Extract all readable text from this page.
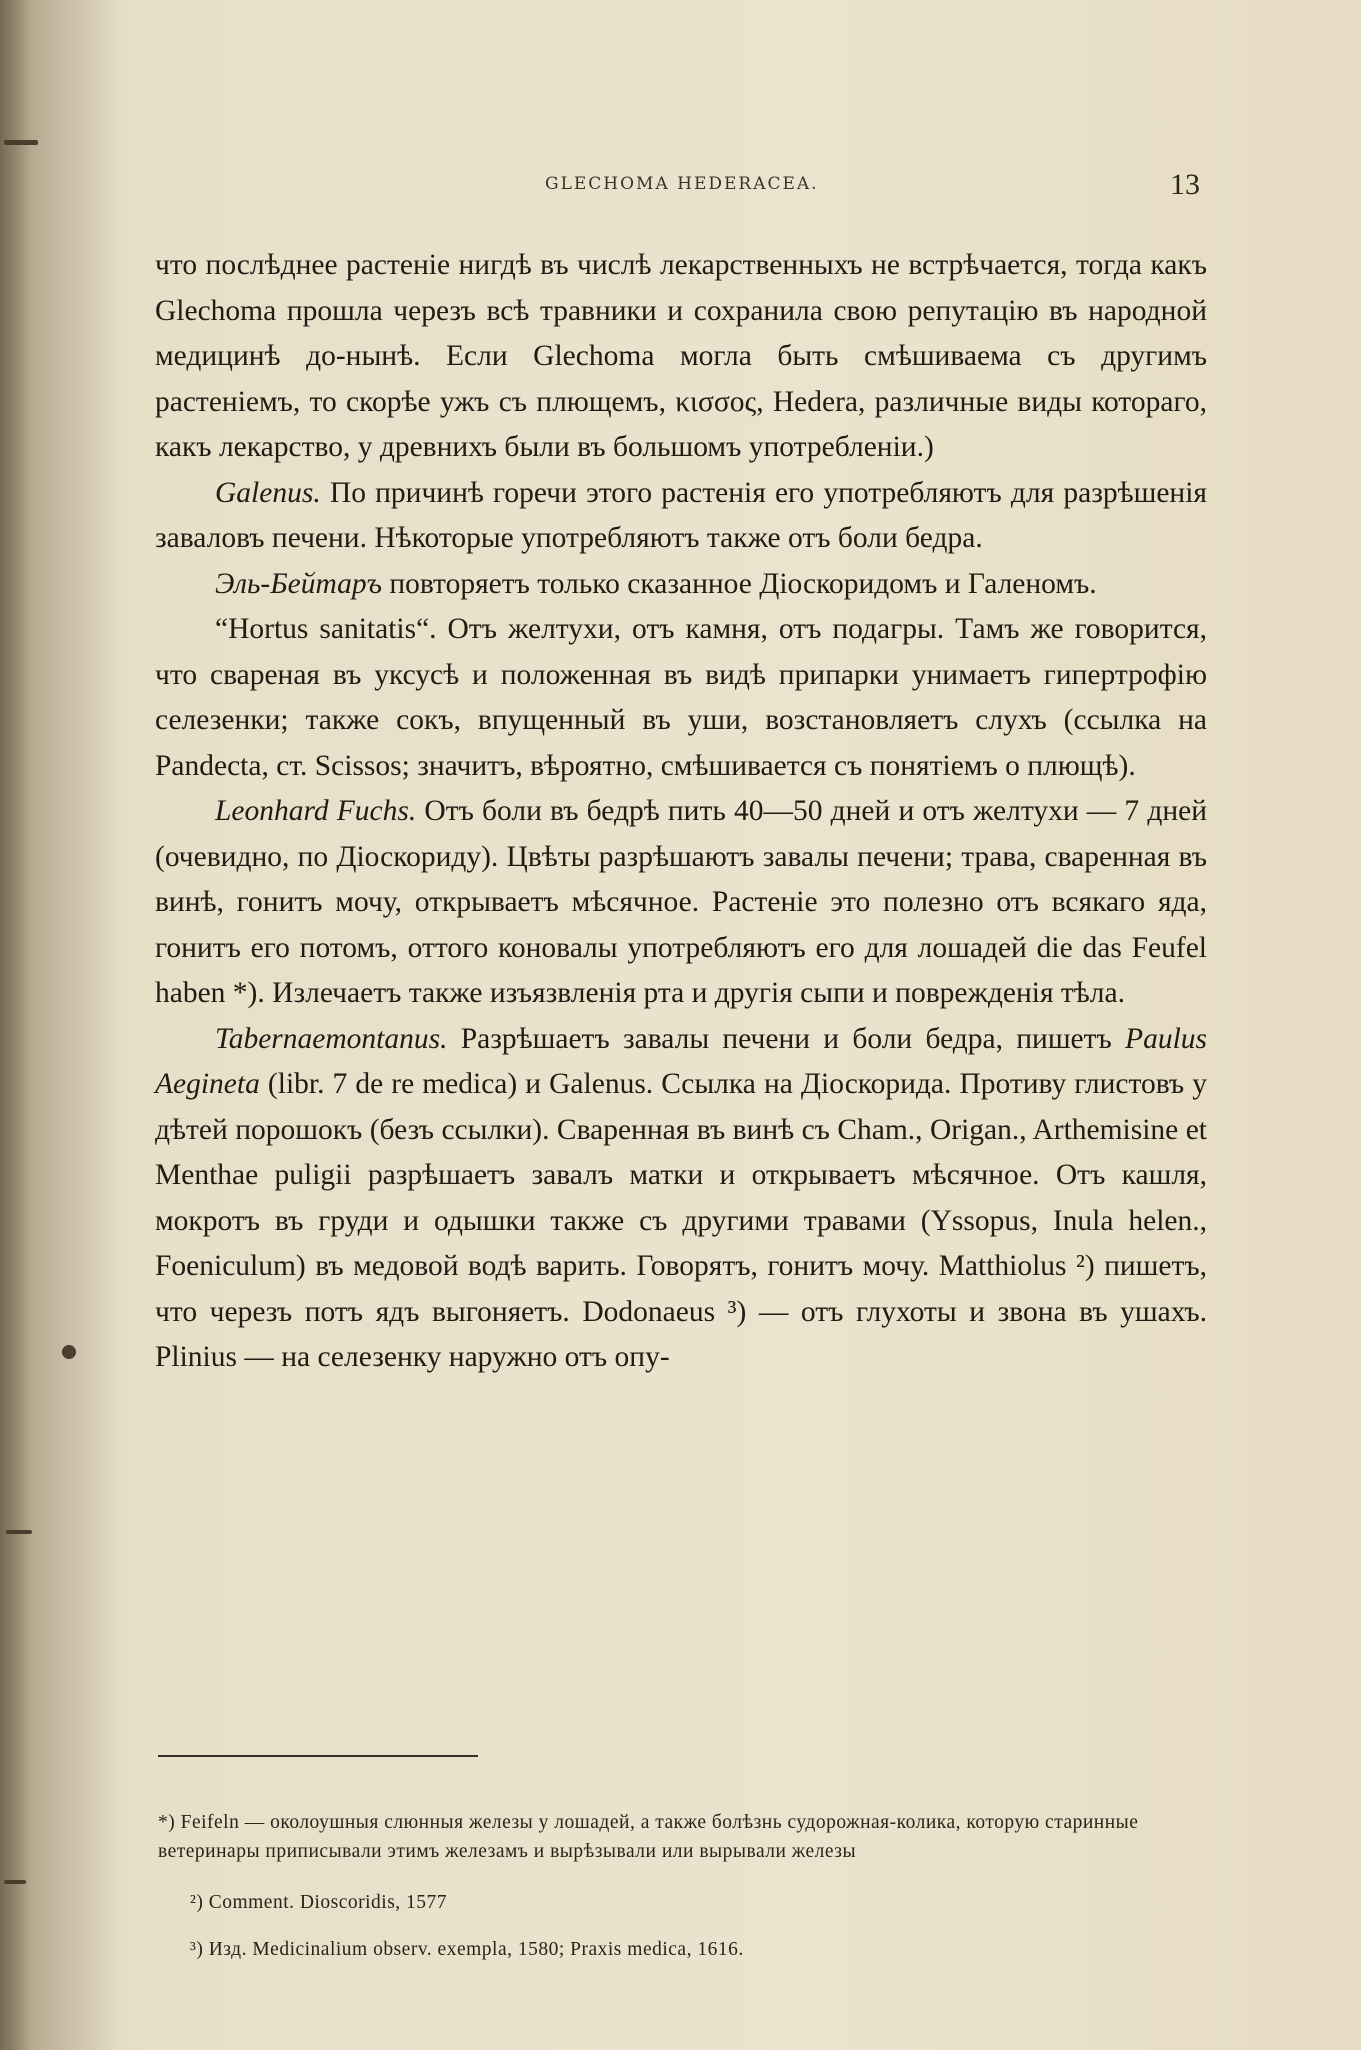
GLECHOMA HEDERACEA.	13

что послѣднее растеніе нигдѣ въ числѣ лекарственныхъ не встрѣчается, тогда какъ Glechoma прошла черезъ всѣ травники и сохранила свою репутацію въ народной медицинѣ до-нынѣ. Если Glechoma могла быть смѣшиваема съ другимъ растеніемъ, то скорѣе ужъ съ плющемъ, κισσος, Hedera, различные виды котораго, какъ лекарство, у древнихъ были въ большомъ употребленіи.)

Galenus. По причинѣ горечи этого растенія его употребляютъ для разрѣшенія заваловъ печени. Нѣкоторые употребляютъ также отъ боли бедра.

Эль-Бейтаръ повторяетъ только сказанное Діоскоридомъ и Галеномъ.

“Hortus sanitatis“. Отъ желтухи, отъ камня, отъ подагры. Тамъ же говорится, что свареная въ уксусѣ и положенная въ видѣ припарки унимаетъ гипертрофію селезенки; также сокъ, впущенный въ уши, возстановляетъ слухъ (ссылка на Pandecta, ст. Scissos; значитъ, вѣроятно, смѣшивается съ понятіемъ о плющѣ).

Leonhard Fuchs. Отъ боли въ бедрѣ пить 40—50 дней и отъ желтухи — 7 дней (очевидно, по Діоскориду). Цвѣты разрѣшаютъ завалы печени; трава, сваренная въ винѣ, гонитъ мочу, открываетъ мѣсячное. Растеніе это полезно отъ всякаго яда, гонитъ его потомъ, оттого коновалы употребляютъ его для лошадей die das Feufel haben *). Излечаетъ также изъязвленія рта и другія сыпи и поврежденія тѣла.

Tabernaemontanus. Разрѣшаетъ завалы печени и боли бедра, пишетъ Paulus Aegineta (libr. 7 de re medica) и Galenus. Ссылка на Діоскорида. Противу глистовъ у дѣтей порошокъ (безъ ссылки). Сваренная въ винѣ съ Cham., Origan., Arthemisine et Menthae puligii разрѣшаетъ завалъ матки и открываетъ мѣсячное. Отъ кашля, мокротъ въ груди и одышки также съ другими травами (Yssopus, Inula helen., Foeniculum) въ медовой водѣ варить. Говорятъ, гонитъ мочу. Matthiolus ²) пишетъ, что черезъ потъ ядъ выгоняетъ. Dodonaeus ³) — отъ глухоты и звона въ ушахъ. Plinius — на селезенку наружно отъ опу-

*) Feifeln — околоушныя слюнныя железы у лошадей, а также болѣзнь судорожная-колика, которую старинные ветеринары приписывали этимъ железамъ и вырѣзывали или вырывали железы

²) Comment. Dioscoridis, 1577

³) Изд. Medicinalium observ. exempla, 1580; Praxis medica, 1616.
